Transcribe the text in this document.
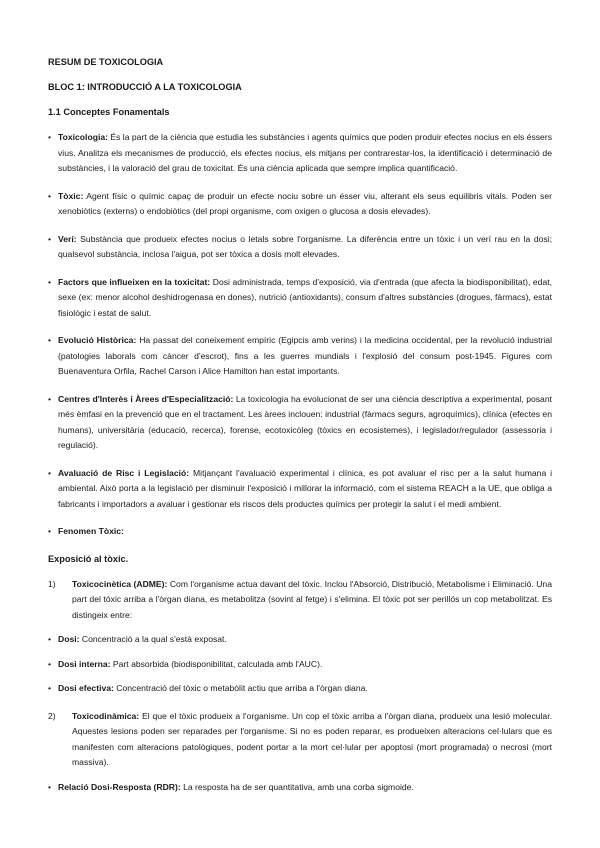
RESUM DE TOXICOLOGIA
BLOC 1: INTRODUCCIÓ A LA TOXICOLOGIA
1.1 Conceptes Fonamentals
• Toxicologia: És la part de la ciència que estudia les substàncies i agents químics que poden produir efectes nocius en els éssers vius. Analitza els mecanismes de producció, els efectes nocius, els mitjans per contrarestar-los, la identificació i determinació de substàncies, i la valoració del grau de toxicitat. És una ciència aplicada que sempre implica quantificació.

• Tòxic: Agent físic o químic capaç de produir un efecte nociu sobre un ésser viu, alterant els seus equilibris vitals. Poden ser xenobiòtics (externs) o endobiòtics (del propi organisme, com oxigen o glucosa a dosis elevades).

• Verí: Substància que produeix efectes nocius o letals sobre l'organisme. La diferència entre un tòxic i un verí rau en la dosi; qualsevol substància, inclosa l'aigua, pot ser tòxica a dosis molt elevades.

• Factors que influeixen en la toxicitat: Dosi administrada, temps d'exposició, via d'entrada (que afecta la biodisponibilitat), edat, sexe (ex: menor alcohol deshidrogenasa en dones), nutrició (antioxidants), consum d'altres substàncies (drogues, fàrmacs), estat fisiològic i estat de salut.

• Evolució Històrica: Ha passat del coneixement empíric (Egipcis amb verins) i la medicina occidental, per la revolució industrial (patologies laborals com càncer d'escrot), fins a les guerres mundials i l'explosió del consum post-1945. Figures com Buenaventura Orfila, Rachel Carson i Alice Hamilton han estat importants.

• Centres d'Interès i Àrees d'Especialització: La toxicologia ha evolucionat de ser una ciència descriptiva a experimental, posant més èmfasi en la prevenció que en el tractament. Les àrees inclouen: industrial (fàrmacs segurs, agroquímics), clínica (efectes en humans), universitària (educació, recerca), forense, ecotoxicòleg (tòxics en ecosistemes), i legislador/regulador (assessoria i regulació).

• Avaluació de Risc i Legislació: Mitjançant l'avaluació experimental i clínica, es pot avaluar el risc per a la salut humana i ambiental. Això porta a la legislació per disminuir l'exposició i millorar la informació, com el sistema REACH a la UE, que obliga a fabricants i importadors a avaluar i gestionar els riscos dels productes químics per protegir la salut i el medi ambient.

• Fenomen Tòxic:

Exposició al tòxic.
1) Toxicocinètica (ADME): Com l'organisme actua davant del tòxic. Inclou l'Absorció, Distribució, Metabolisme i Eliminació. Una part del tòxic arriba a l'òrgan diana, es metabolitza (sovint al fetge) i s'elimina. El tòxic pot ser perillós un cop metabolitzat. Es distingeix entre:

• Dosi: Concentració a la qual s'està exposat.

• Dosi interna: Part absorbida (biodisponibilitat, calculada amb l'AUC).

• Dosi efectiva: Concentració del tòxic o metabòlit actiu que arriba a l'òrgan diana.

2) Toxicodinàmica: El que el tòxic produeix a l'organisme. Un cop el tòxic arriba a l'òrgan diana, produeix una lesió molecular. Aquestes lesions poden ser reparades per l'organisme. Si no es poden reparar, es produeixen alteracions cel·lulars que es manifesten com alteracions patològiques, podent portar a la mort cel·lular per apoptosi (mort programada) o necrosi (mort massiva).

• Relació Dosi-Resposta (RDR): La resposta ha de ser quantitativa, amb una corba sigmoide.
